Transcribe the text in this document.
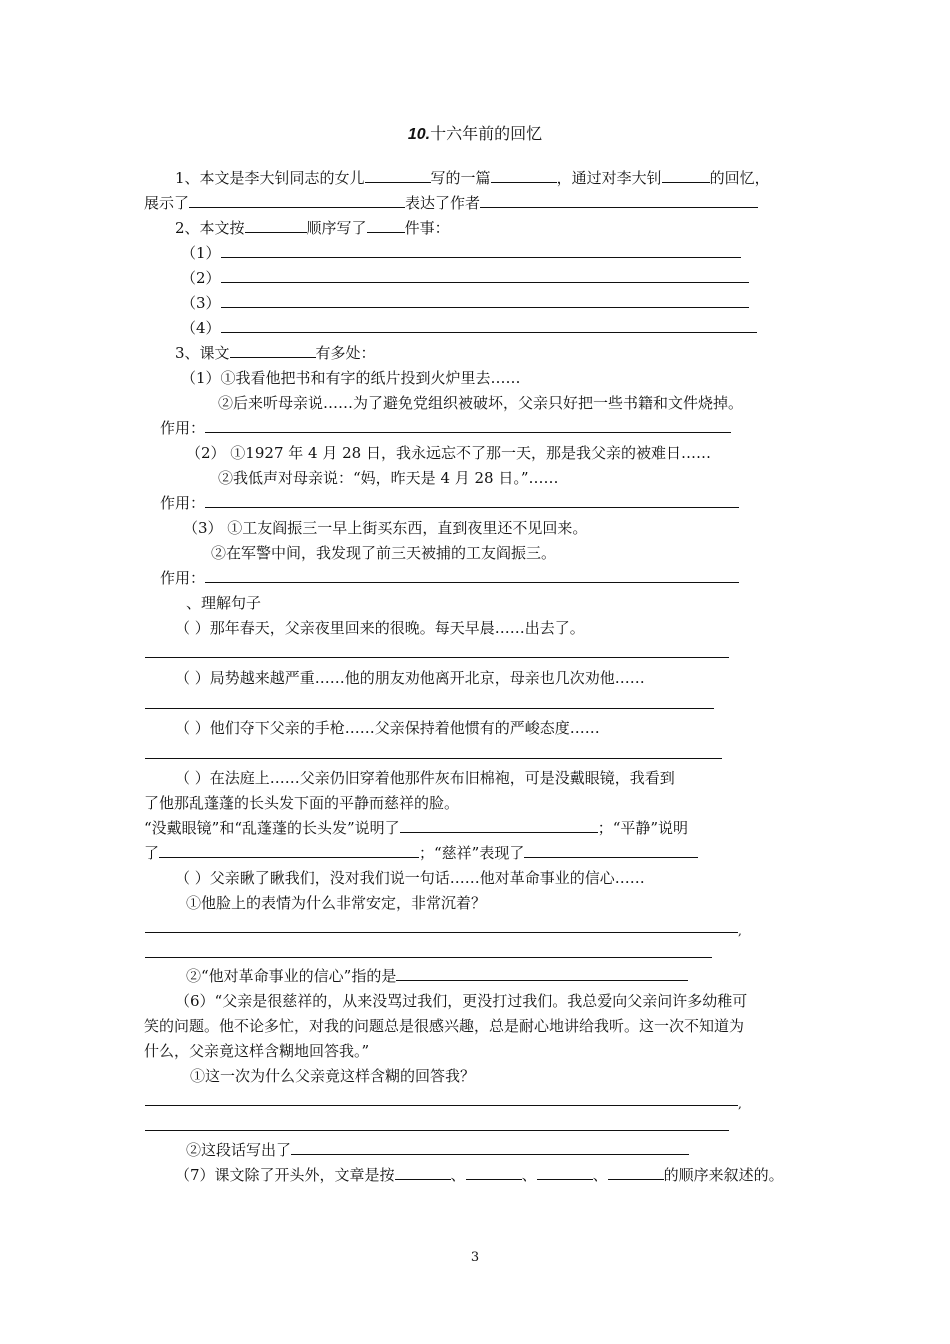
10.十六年前的回忆
1、本文是李大钊同志的女儿	写的一篇	，通过对李大钊	的回忆，
展示了	表达了作者
2、本文按	顺序写了	件事：
（1）
（2）
（3）
（4）
3、课文	有多处：
（1）①我看他把书和有字的纸片投到火炉里去……
②后来听母亲说……为了避免党组织被破坏，父亲只好把一些书籍和文件烧掉。
作用：
（2） ①1927 年 4 月 28 日，我永远忘不了那一天，那是我父亲的被难日……
②我低声对母亲说：“妈，昨天是 4 月 28 日。”……
作用：
（3） ①工友阎振三一早上街买东西，直到夜里还不见回来。
②在军警中间，我发现了前三天被捕的工友阎振三。
作用：
、理解句子
（ ）那年春天，父亲夜里回来的很晚。每天早晨……出去了。
（ ）局势越来越严重……他的朋友劝他离开北京，母亲也几次劝他……
（ ）他们夺下父亲的手枪……父亲保持着他惯有的严峻态度……
（ ）在法庭上……父亲仍旧穿着他那件灰布旧棉袍，可是没戴眼镜，我看到
了他那乱蓬蓬的长头发下面的平静而慈祥的脸。
“没戴眼镜”和“乱蓬蓬的长头发”说明了	；“平静”说明
了	；“慈祥”表现了
（ ）父亲瞅了瞅我们，没对我们说一句话……他对革命事业的信心……
①他脸上的表情为什么非常安定，非常沉着？
,
②“他对革命事业的信心”指的是
（6）“父亲是很慈祥的，从来没骂过我们，更没打过我们。我总爱向父亲问许多幼稚可
笑的问题。他不论多忙，对我的问题总是很感兴趣，总是耐心地讲给我听。这一次不知道为
什么，父亲竟这样含糊地回答我。”
①这一次为什么父亲竟这样含糊的回答我？
,
②这段话写出了
（7）课文除了开头外，文章是按	、	、	、	的顺序来叙述的。
3
